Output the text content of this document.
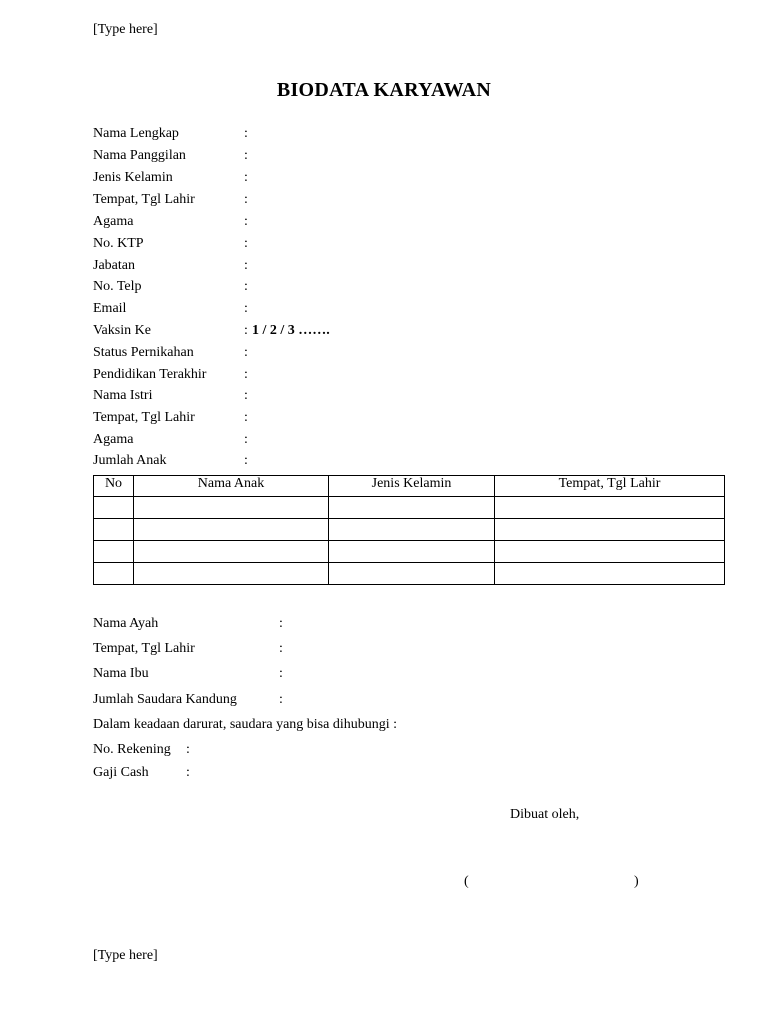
[Type here]
BIODATA KARYAWAN
Nama Lengkap	:
Nama Panggilan	:
Jenis Kelamin	:
Tempat, Tgl Lahir	:
Agama	:
No. KTP	:
Jabatan	:
No. Telp	:
Email	:
Vaksin Ke	: 1 / 2 / 3 …….
Status Pernikahan	:
Pendidikan Terakhir	:
Nama Istri	:
Tempat, Tgl Lahir	:
Agama	:
Jumlah Anak	:
No	Nama Anak	Jenis Kelamin	Tempat, Tgl Lahir

Nama Ayah	:
Tempat, Tgl Lahir	:
Nama Ibu	:
Jumlah Saudara Kandung	:
Dalam keadaan darurat, saudara yang bisa dihubungi :
No. Rekening :
Gaji Cash	:
Dibuat oleh,
(	)
[Type here]
